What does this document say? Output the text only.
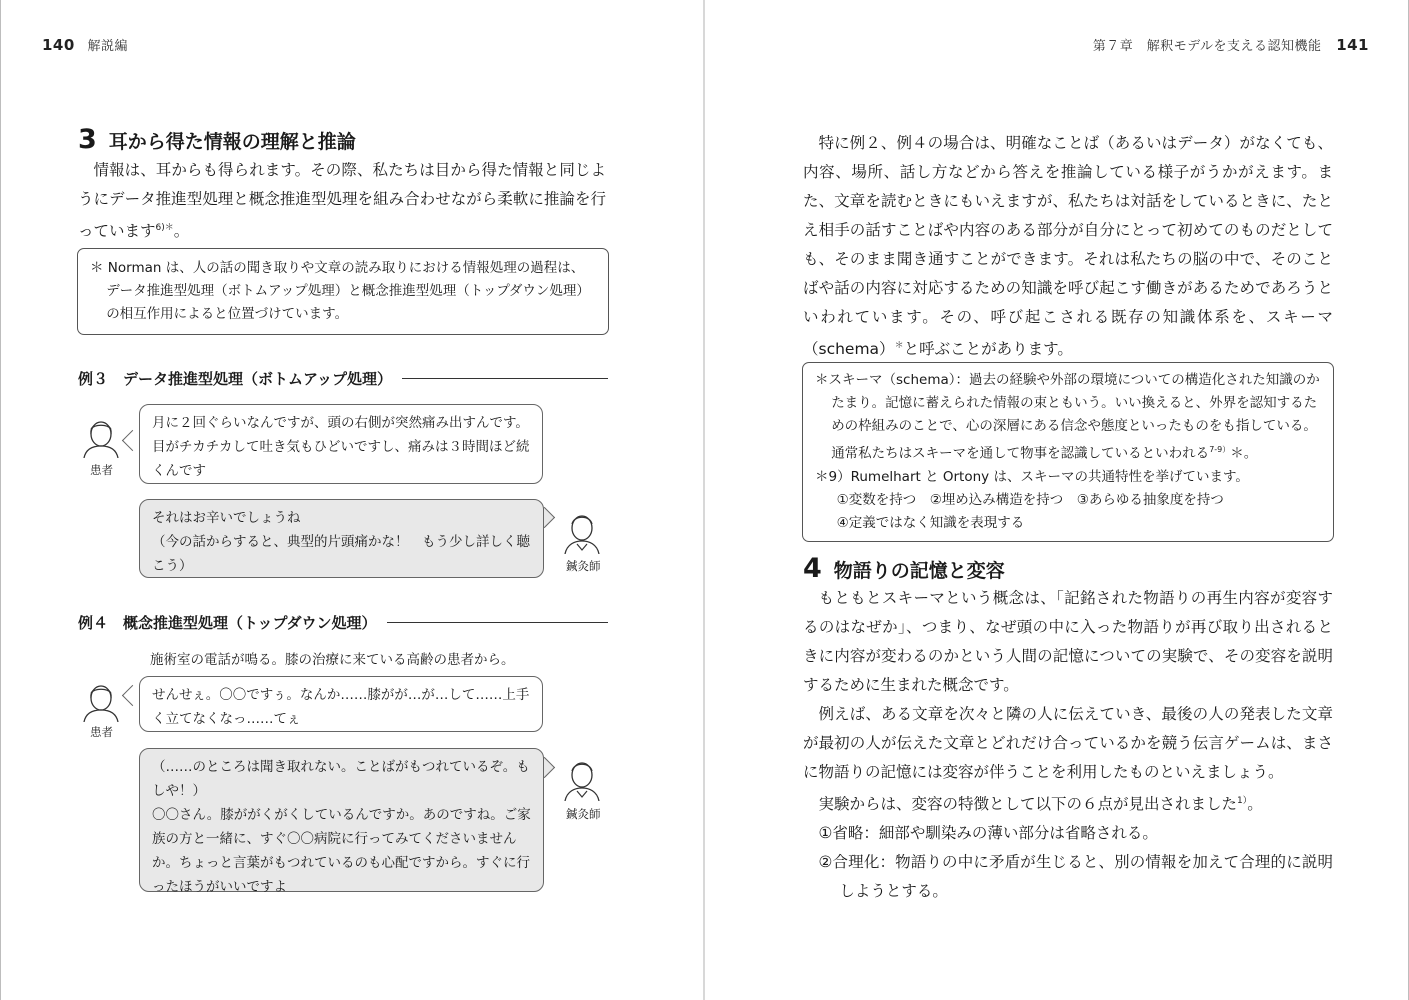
140 解説編
3 耳から得た情報の理解と推論

情報は、耳からも得られます。その際、私たちは目から得た情報と同じようにデータ推進型処理と概念推進型処理を組み合わせながら柔軟に推論を行っています$^{6)*}$。

＊ Norman は、人の話の聞き取りや文章の読み取りにおける情報処理の過程は、データ推進型処理（ボトムアップ処理）と概念推進型処理（トップダウン処理）の相互作用によると位置づけています。
例３　データ推進型処理（ボトムアップ処理）
患者
月に２回ぐらいなんですが、頭の右側が突然痛み出すんです。目がチカチカして吐き気もひどいですし、痛みは３時間ほど続くんです
それはお辛いでしょうね
（今の話からすると、典型的片頭痛かな！　もう少し詳しく聴こう）	鍼灸師
例４　概念推進型処理（トップダウン処理）
施術室の電話が鳴る。膝の治療に来ている高齢の患者から。
患者
せんせぇ。〇〇ですぅ。なんか……膝がが…が…して……上手く立てなくなっ……てぇ
（……のところは聞き取れない。ことばがもつれているぞ。もしや！）
〇〇さん。膝ががくがくしているんですか。あのですね。ご家族の方と一緒に、すぐ〇〇病院に行ってみてくださいませんか。ちょっと言葉がもつれているのも心配ですから。すぐに行ったほうがいいですよ
鍼灸師
第７章　解釈モデルを支える認知機能 141

特に例２、例４の場合は、明確なことば（あるいはデータ）がなくても、内容、場所、話し方などから答えを推論している様子がうかがえます。また、文章を読むときにもいえますが、私たちは対話をしているときに、たとえ相手の話すことばや内容のある部分が自分にとって初めてのものだとしても、そのまま聞き通すことができます。それは私たちの脳の中で、そのことばや話の内容に対応するための知識を呼び起こす働きがあるためであろうといわれています。その、呼び起こされる既存の知識体系を、スキーマ（schema）＊と呼ぶことがあります。

＊スキーマ（schema）：過去の経験や外部の環境についての構造化された知識のかたまり。記憶に蓄えられた情報の束ともいう。いい換えると、外界を認知するための枠組みのことで、心の深層にある信念や態度といったものをも指している。通常私たちはスキーマを通して物事を認識しているといわれる$^{7-9)}$＊。
＊9）Rumelhart と Ortony は、スキーマの共通特性を挙げています。
①変数を持つ　②埋め込み構造を持つ　③あらゆる抽象度を持つ
④定義ではなく知識を表現する
4 物語りの記憶と変容

もともとスキーマという概念は、「記銘された物語りの再生内容が変容するのはなぜか」、つまり、なぜ頭の中に入った物語りが再び取り出されるときに内容が変わるのかという人間の記憶についての実験で、その変容を説明するために生まれた概念です。

例えば、ある文章を次々と隣の人に伝えていき、最後の人の発表した文章が最初の人が伝えた文章とどれだけ合っているかを競う伝言ゲームは、まさに物語りの記憶には変容が伴うことを利用したものといえましょう。

実験からは、変容の特徴として以下の６点が見出されました$^{1)}$。

①省略：細部や馴染みの薄い部分は省略される。
②合理化：物語りの中に矛盾が生じると、別の情報を加えて合理的に説明しようとする。
